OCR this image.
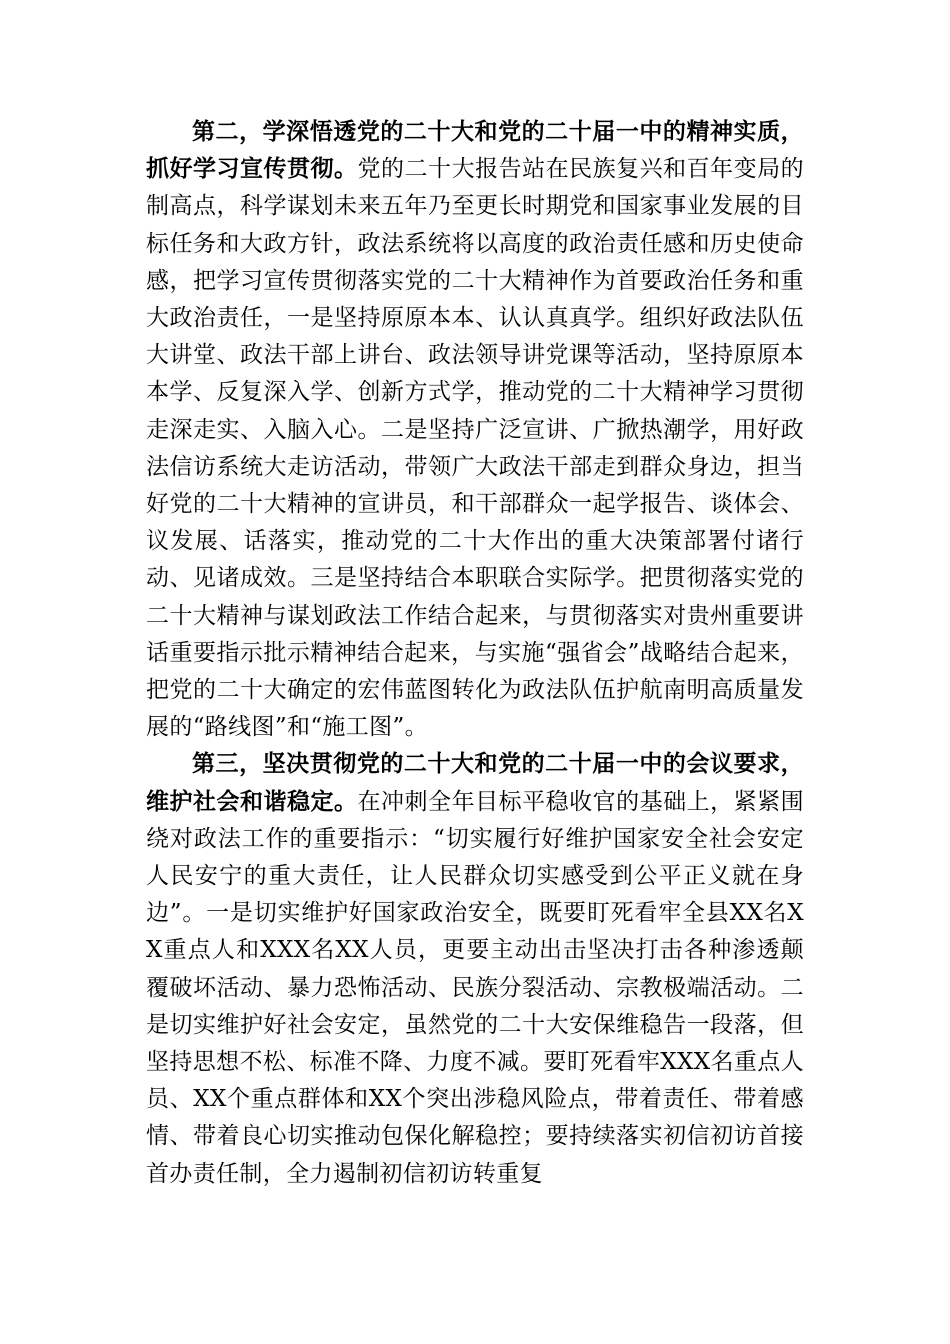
第二，学深悟透党的二十大和党的二十届一中的精神实质，抓好学习宣传贯彻。党的二十大报告站在民族复兴和百年变局的制高点，科学谋划未来五年乃至更长时期党和国家事业发展的目标任务和大政方针，政法系统将以高度的政治责任感和历史使命感，把学习宣传贯彻落实党的二十大精神作为首要政治任务和重大政治责任，一是坚持原原本本、认认真真学。组织好政法队伍大讲堂、政法干部上讲台、政法领导讲党课等活动，坚持原原本本学、反复深入学、创新方式学，推动党的二十大精神学习贯彻走深走实、入脑入心。二是坚持广泛宣讲、广掀热潮学，用好政法信访系统大走访活动，带领广大政法干部走到群众身边，担当好党的二十大精神的宣讲员，和干部群众一起学报告、谈体会、议发展、话落实，推动党的二十大作出的重大决策部署付诸行动、见诸成效。三是坚持结合本职联合实际学。把贯彻落实党的二十大精神与谋划政法工作结合起来，与贯彻落实对贵州重要讲话重要指示批示精神结合起来，与实施“强省会”战略结合起来，把党的二十大确定的宏伟蓝图转化为政法队伍护航南明高质量发展的“路线图”和“施工图”。

第三，坚决贯彻党的二十大和党的二十届一中的会议要求，维护社会和谐稳定。在冲刺全年目标平稳收官的基础上，紧紧围绕对政法工作的重要指示：“切实履行好维护国家安全社会安定人民安宁的重大责任，让人民群众切实感受到公平正义就在身边”。一是切实维护好国家政治安全，既要盯死看牢全县XX名XX重点人和XXX名XX人员，更要主动出击坚决打击各种渗透颠覆破坏活动、暴力恐怖活动、民族分裂活动、宗教极端活动。二是切实维护好社会安定，虽然党的二十大安保维稳告一段落，但坚持思想不松、标准不降、力度不减。要盯死看牢XXX名重点人员、XX个重点群体和XX个突出涉稳风险点，带着责任、带着感情、带着良心切实推动包保化解稳控；要持续落实初信初访首接首办责任制，全力遏制初信初访转重复
